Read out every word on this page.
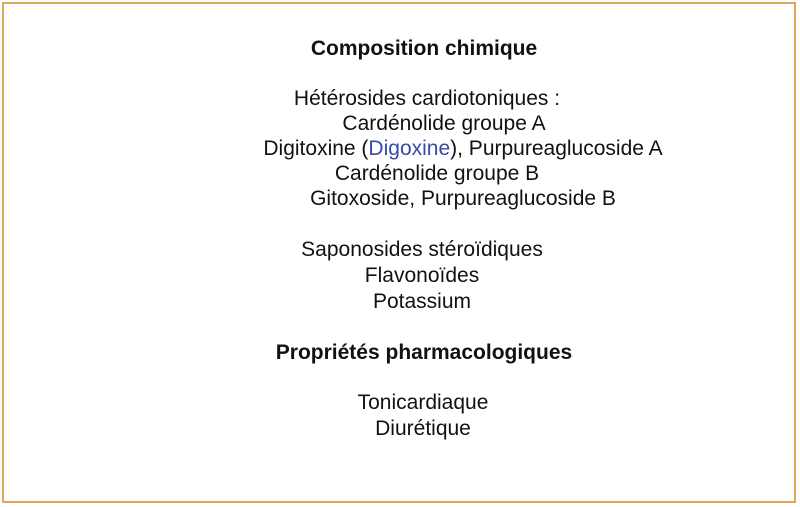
Composition chimique
Hétérosides cardiotoniques :
Cardénolide groupe A
Digitoxine (Digoxine), Purpureaglucoside A
Cardénolide groupe B
Gitoxoside, Purpureaglucoside B
Saponosides stéroïdiques
Flavonoïdes
Potassium
Propriétés pharmacologiques
Tonicardiaque
Diurétique
